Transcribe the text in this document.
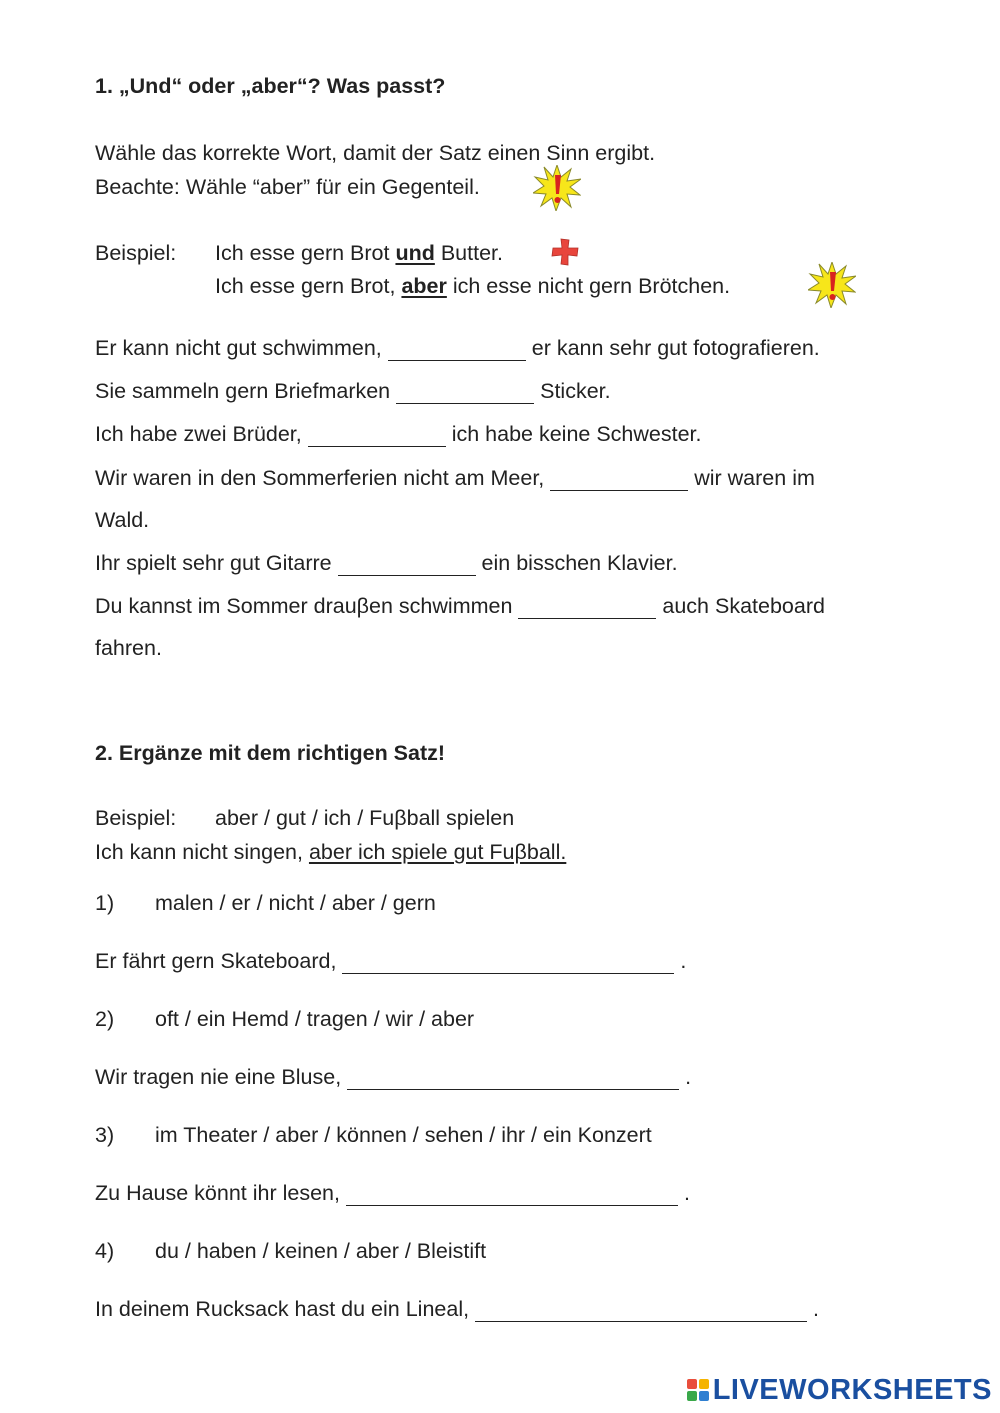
1. „Und“ oder „aber“? Was passt?
Wähle das korrekte Wort, damit der Satz einen Sinn ergibt.
Beachte: Wähle “aber” für ein Gegenteil.
Beispiel: Ich esse gern Brot und Butter.
Ich esse gern Brot, aber ich esse nicht gern Brötchen.
Er kann nicht gut schwimmen,	er kann sehr gut fotografieren.
Sie sammeln gern Briefmarken	Sticker.
Ich habe zwei Brüder,	ich habe keine Schwester.
Wir waren in den Sommerferien nicht am Meer,	wir waren im
Wald.
Ihr spielt sehr gut Gitarre	ein bisschen Klavier.
Du kannst im Sommer drauβen schwimmen	auch Skateboard
fahren.
2. Ergänze mit dem richtigen Satz!
Beispiel: aber / gut / ich / Fuβball spielen
Ich kann nicht singen, aber ich spiele gut Fuβball.
1) malen / er / nicht / aber / gern
Er fährt gern Skateboard,	.
2) oft / ein Hemd / tragen / wir / aber
Wir tragen nie eine Bluse,	.
3) im Theater / aber / können / sehen / ihr / ein Konzert
Zu Hause könnt ihr lesen,	.
4) du / haben / keinen / aber / Bleistift
In deinem Rucksack hast du ein Lineal,	.
LIVEWORKSHEETS
